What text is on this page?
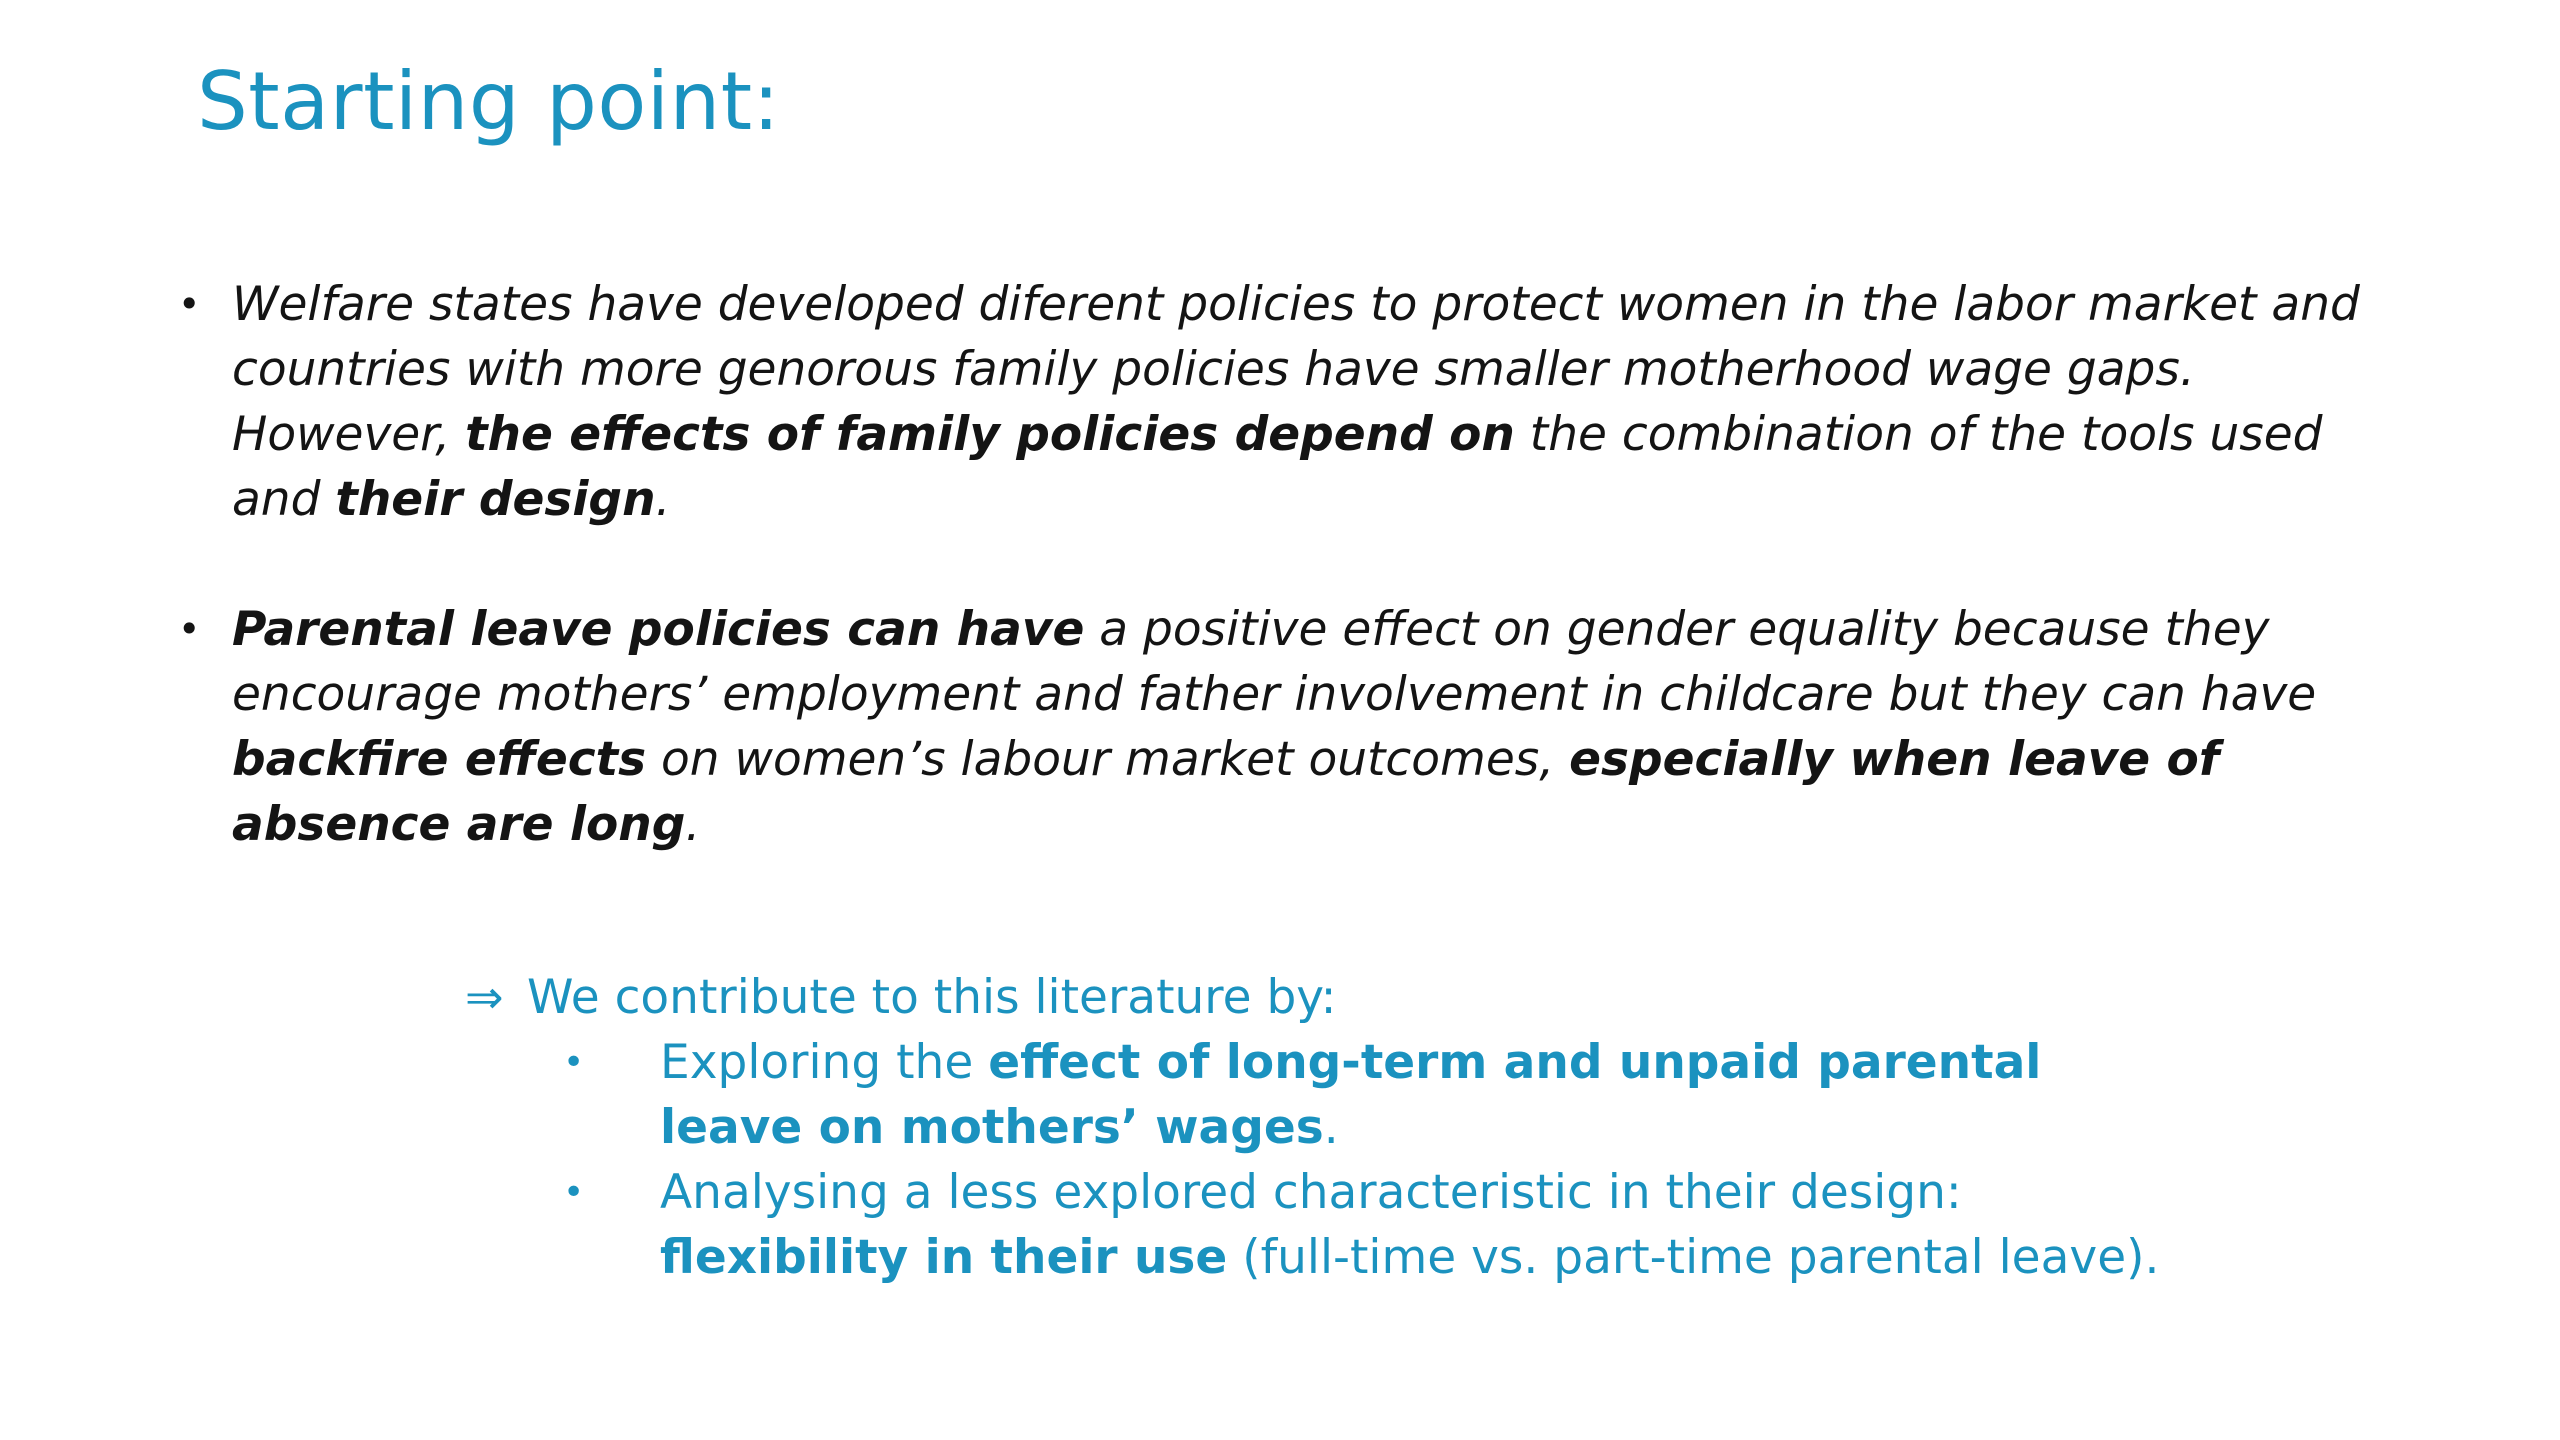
Starting point:
• Welfare states have developed diferent policies to protect women in the labor market and countries with more genorous family policies have smaller motherhood wage gaps. However, the effects of family policies depend on the combination of the tools used and their design.
• Parental leave policies can have a positive effect on gender equality because they encourage mothers’ employment and father involvement in childcare but they can have backfire effects on women’s labour market outcomes, especially when leave of absence are long.
⇒ We contribute to this literature by:
• Exploring the effect of long-term and unpaid parental leave on mothers’ wages.
• Analysing a less explored characteristic in their design: flexibility in their use (full-time vs. part-time parental leave).
